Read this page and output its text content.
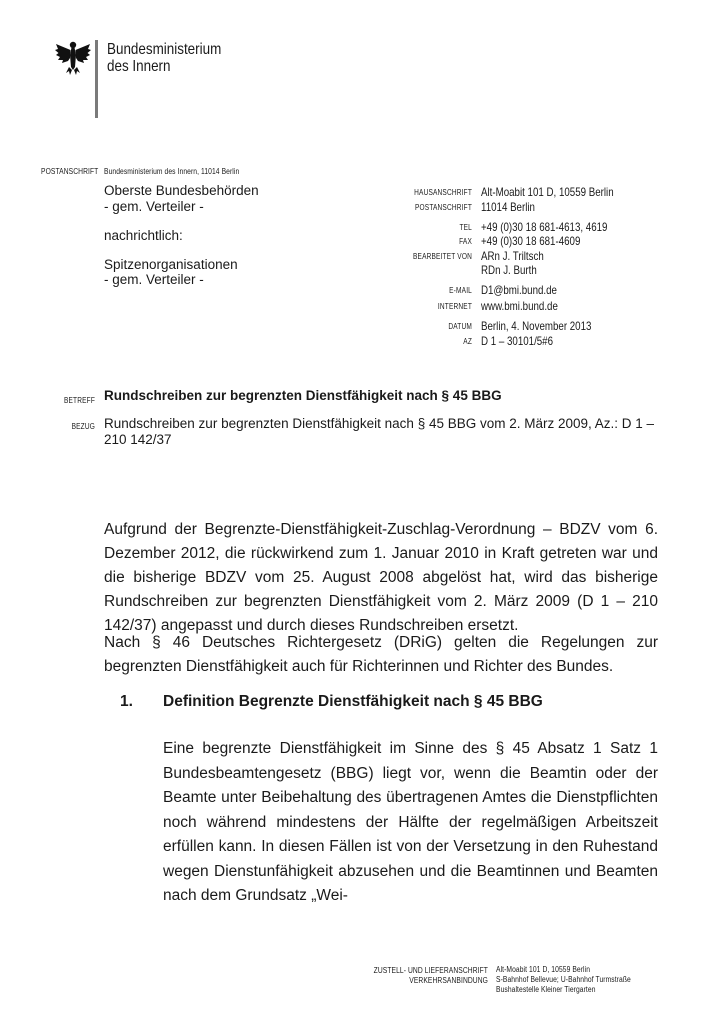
Bundesministerium
des Innern
POSTANSCHRIFT Bundesministerium des Innern, 11014 Berlin
Oberste Bundesbehörden
- gem. Verteiler -
nachrichtlich:
Spitzenorganisationen
- gem. Verteiler -
HAUSANSCHRIFT
POSTANSCHRIFT
TEL
FAX
BEARBEITET VON
E-MAIL
INTERNET
DATUM
AZ
Alt-Moabit 101 D, 10559 Berlin
11014 Berlin
+49 (0)30 18 681-4613, 4619
+49 (0)30 18 681-4609
ARn J. Triltsch
RDn J. Burth
D1@bmi.bund.de
www.bmi.bund.de
Berlin, 4. November 2013
D 1 – 30101/5#6
BETREFF Rundschreiben zur begrenzten Dienstfähigkeit nach § 45 BBG
BEZUG Rundschreiben zur begrenzten Dienstfähigkeit nach § 45 BBG vom 2. März 2009, Az.: D 1 –
210 142/37
Aufgrund der Begrenzte-Dienstfähigkeit-Zuschlag-Verordnung – BDZV vom 6. Dezember 2012, die rückwirkend zum 1. Januar 2010 in Kraft getreten war und die bisherige BDZV vom 25. August 2008 abgelöst hat, wird das bisherige Rundschreiben zur begrenzten Dienstfähigkeit vom 2. März 2009 (D 1 – 210 142/37) angepasst und durch dieses Rundschreiben ersetzt.
Nach § 46 Deutsches Richtergesetz (DRiG) gelten die Regelungen zur begrenzten Dienstfähigkeit auch für Richterinnen und Richter des Bundes.
1. Definition Begrenzte Dienstfähigkeit nach § 45 BBG
Eine begrenzte Dienstfähigkeit im Sinne des § 45 Absatz 1 Satz 1 Bundesbeamtengesetz (BBG) liegt vor, wenn die Beamtin oder der Beamte unter Beibehaltung des übertragenen Amtes die Dienstpflichten noch während mindestens der Hälfte der regelmäßigen Arbeitszeit erfüllen kann. In diesen Fällen ist von der Versetzung in den Ruhestand wegen Dienstunfähigkeit abzusehen und die Beamtinnen und Beamten nach dem Grundsatz „Wei-
ZUSTELL- UND LIEFERANSCHRIFT
VERKEHRSANBINDUNG
Alt-Moabit 101 D, 10559 Berlin
S-Bahnhof Bellevue; U-Bahnhof Turmstraße
Bushaltestelle Kleiner Tiergarten
